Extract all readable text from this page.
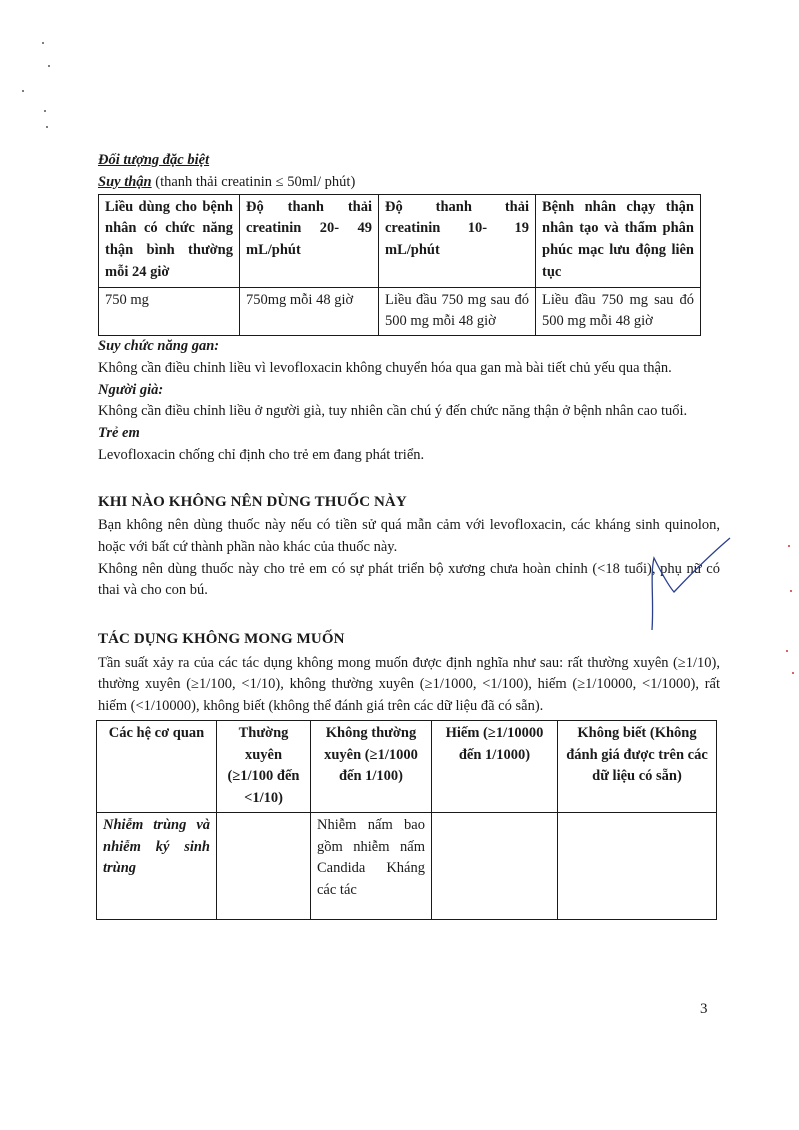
Đối tượng đặc biệt
Suy thận (thanh thải creatinin ≤ 50ml/ phút)
Liều dùng cho bệnh nhân có chức năng thận bình thường mỗi 24 giờ	Độ thanh thải creatinin 20- 49 mL/phút	Độ thanh thải creatinin 10- 19 mL/phút	Bệnh nhân chạy thận nhân tạo và thẩm phân phúc mạc lưu động liên tục
750 mg	750mg mỗi 48 giờ	Liều đầu 750 mg sau đó 500 mg mỗi 48 giờ	Liều đầu 750 mg sau đó 500 mg mỗi 48 giờ
Suy chức năng gan:

Không cần điều chỉnh liều vì levofloxacin không chuyển hóa qua gan mà bài tiết chủ yếu qua thận.

Người già:

Không cần điều chỉnh liều ở người già, tuy nhiên cần chú ý đến chức năng thận ở bệnh nhân cao tuổi.

Trẻ em

Levofloxacin chống chỉ định cho trẻ em đang phát triển.

KHI NÀO KHÔNG NÊN DÙNG THUỐC NÀY

Bạn không nên dùng thuốc này nếu có tiền sử quá mẫn cảm với levofloxacin, các kháng sinh quinolon, hoặc với bất cứ thành phần nào khác của thuốc này.

Không nên dùng thuốc này cho trẻ em có sự phát triển bộ xương chưa hoàn chỉnh (<18 tuổi), phụ nữ có thai và cho con bú.

TÁC DỤNG KHÔNG MONG MUỐN

Tần suất xảy ra của các tác dụng không mong muốn được định nghĩa như sau: rất thường xuyên (≥1/10), thường xuyên (≥1/100, <1/10), không thường xuyên (≥1/1000, <1/100), hiếm (≥1/10000, <1/1000), rất hiếm (<1/10000), không biết (không thể đánh giá trên các dữ liệu đã có sẵn).

Các hệ cơ quan	Thường xuyên (≥1/100 đến <1/10)	Không thường xuyên (≥1/1000 đến 1/100)	Hiếm (≥1/10000 đến 1/1000)	Không biết (Không đánh giá được trên các dữ liệu có sẵn)
Nhiễm trùng và nhiễm ký sinh trùng		Nhiễm nấm bao gồm nhiễm nấm Candida Kháng các tác		
3
